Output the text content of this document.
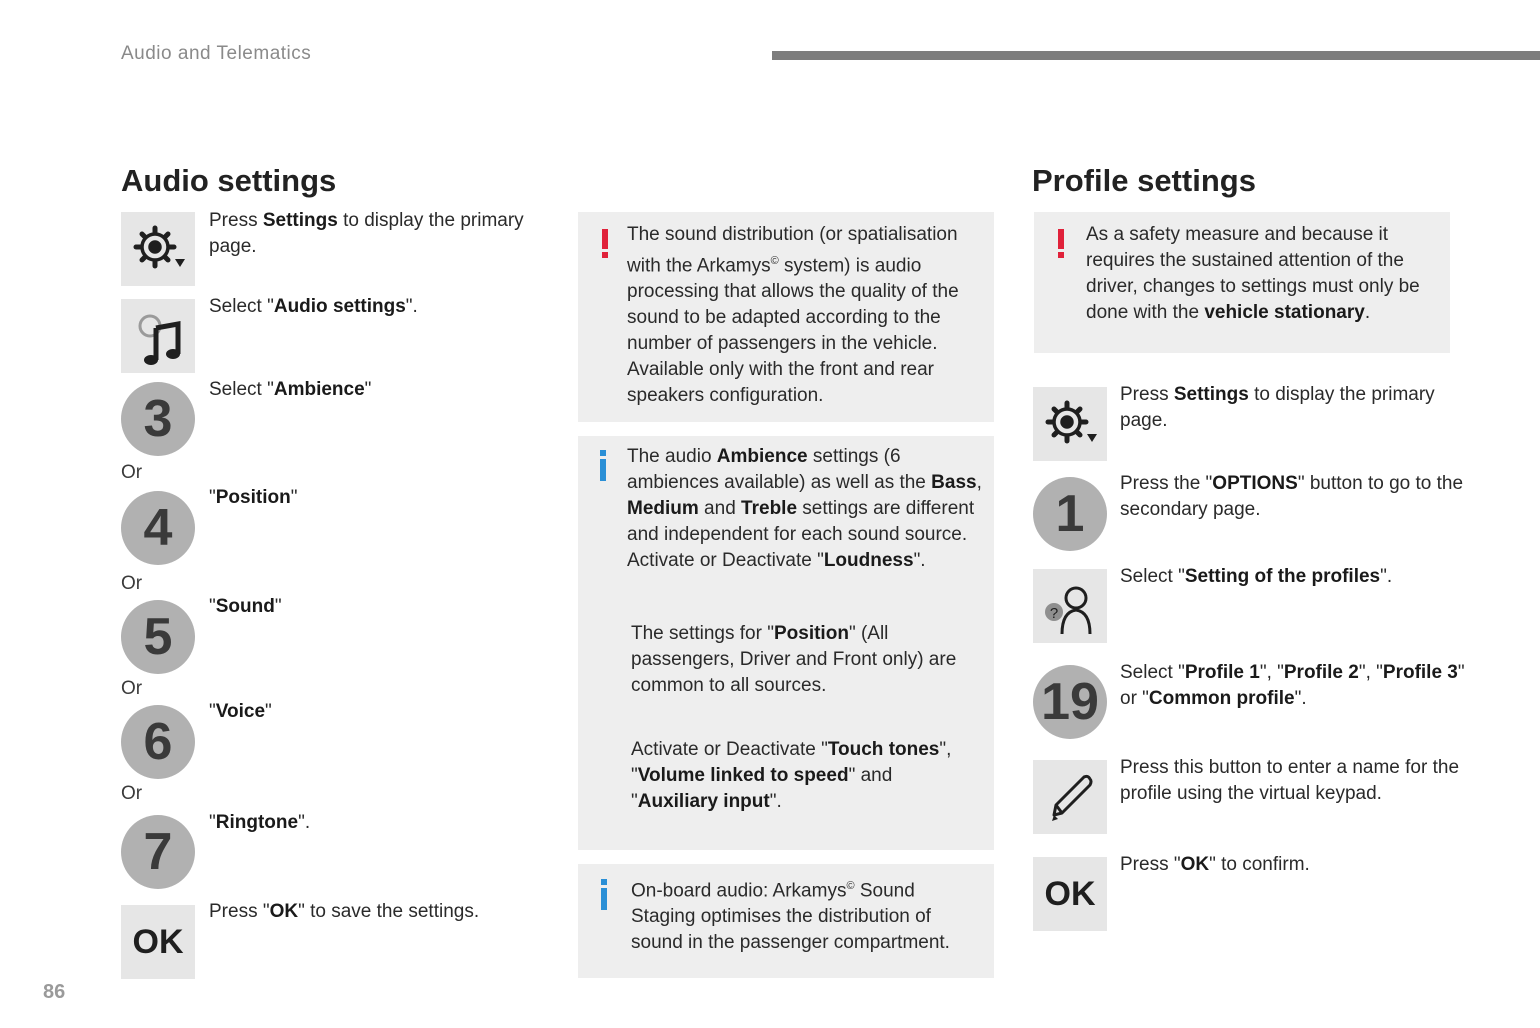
Audio and Telematics
Audio settings
Press Settings to display the primary page.
Select "Audio settings".
3
Select "Ambience"
Or
4
"Position"
Or
5
"Sound"
Or
6
"Voice"
Or
7
"Ringtone".
OK
Press "OK" to save the settings.
The sound distribution (or spatialisation with the Arkamys© system) is audio processing that allows the quality of the sound to be adapted according to the number of passengers in the vehicle. Available only with the front and rear speakers configuration.
The audio Ambience settings (6 ambiences available) as well as the Bass, Medium and Treble settings are different and independent for each sound source.
Activate or Deactivate "Loudness".
The settings for "Position" (All passengers, Driver and Front only) are common to all sources.
Activate or Deactivate "Touch tones", "Volume linked to speed" and "Auxiliary input".
On-board audio: Arkamys© Sound Staging optimises the distribution of sound in the passenger compartment.
Profile settings
As a safety measure and because it requires the sustained attention of the driver, changes to settings must only be done with the vehicle stationary.
Press Settings to display the primary page.
1
Press the "OPTIONS" button to go to the secondary page.
?
Select "Setting of the profiles".
19
Select "Profile 1", "Profile 2", "Profile 3" or "Common profile".
Press this button to enter a name for the profile using the virtual keypad.
OK
Press "OK" to confirm.
86
